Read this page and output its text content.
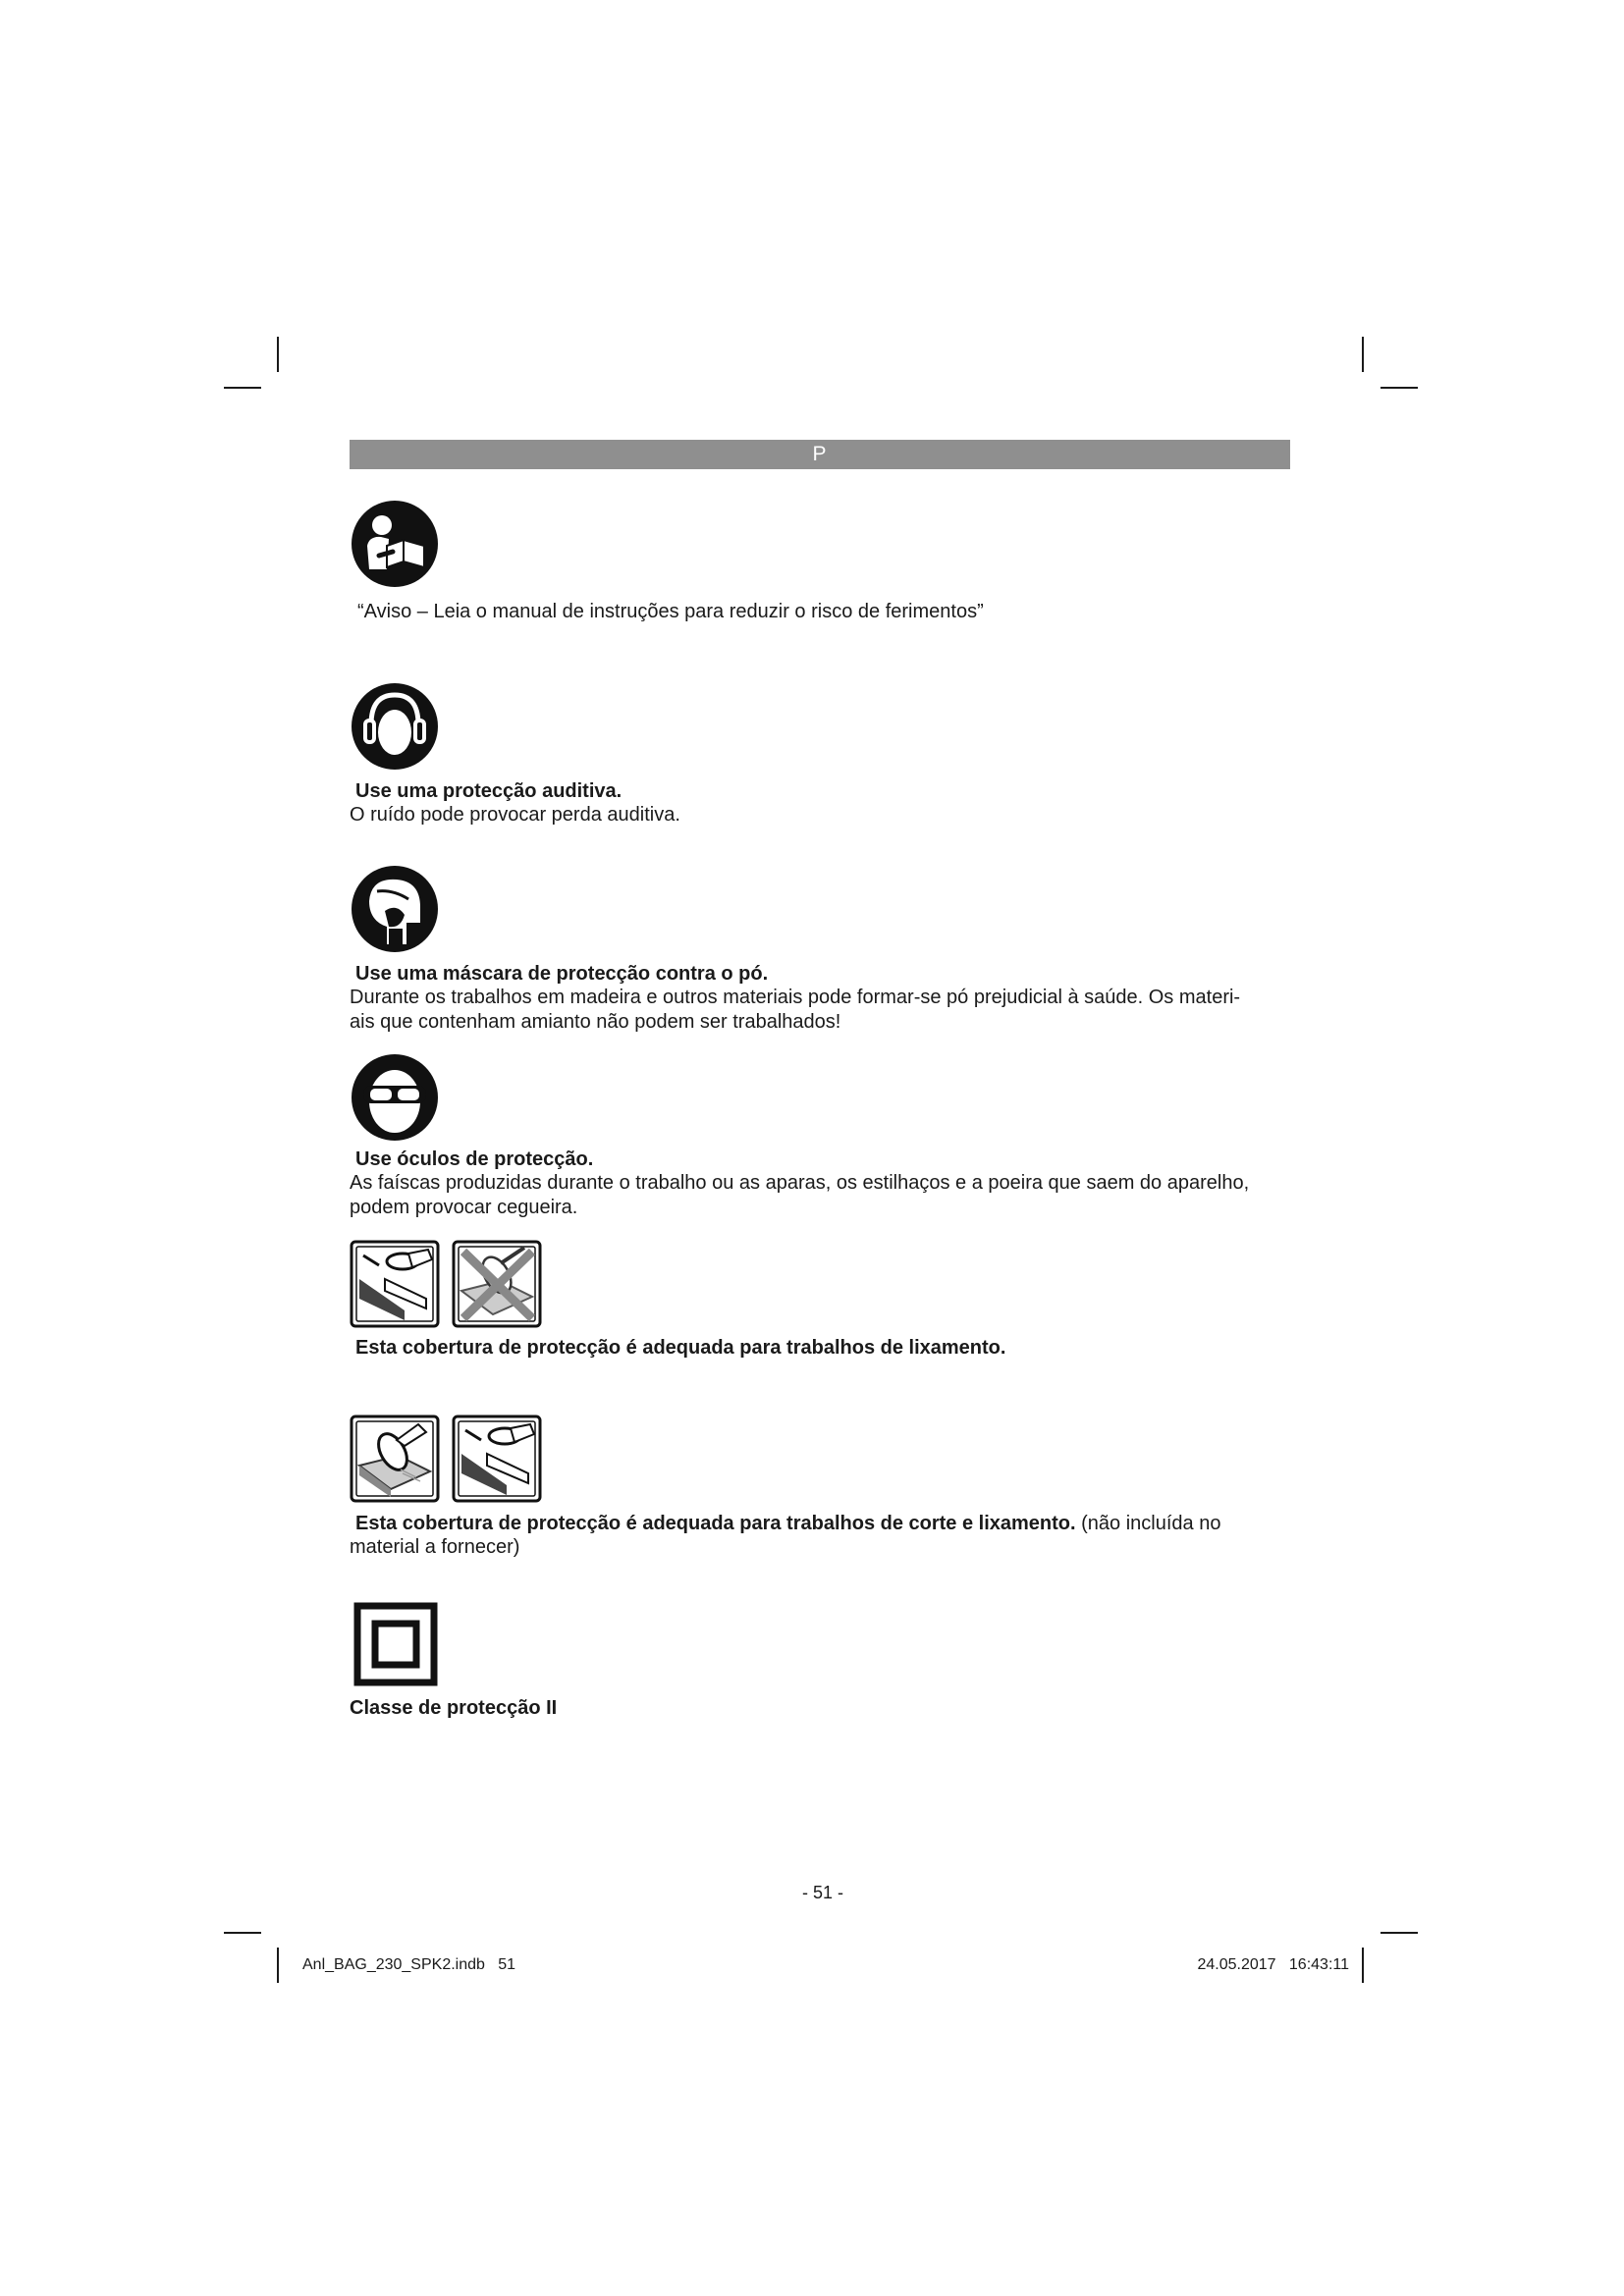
P
“Aviso – Leia o manual de instruções para reduzir o risco de ferimentos”
Use uma protecção auditiva.
O ruído pode provocar perda auditiva.
Use uma máscara de protecção contra o pó.
Durante os trabalhos em madeira e outros materiais pode formar-se pó prejudicial à saúde. Os materi-
ais que contenham amianto não podem ser trabalhados!
Use óculos de protecção.
As faíscas produzidas durante o trabalho ou as aparas, os estilhaços e a poeira que saem do aparelho,
podem provocar cegueira.
Esta cobertura de protecção é adequada para trabalhos de lixamento.
Esta cobertura de protecção é adequada para trabalhos de corte e lixamento. (não incluída no
material a fornecer)
Classe de protecção II
- 51 -
Anl_BAG_230_SPK2.indb   51	24.05.2017   16:43:11
